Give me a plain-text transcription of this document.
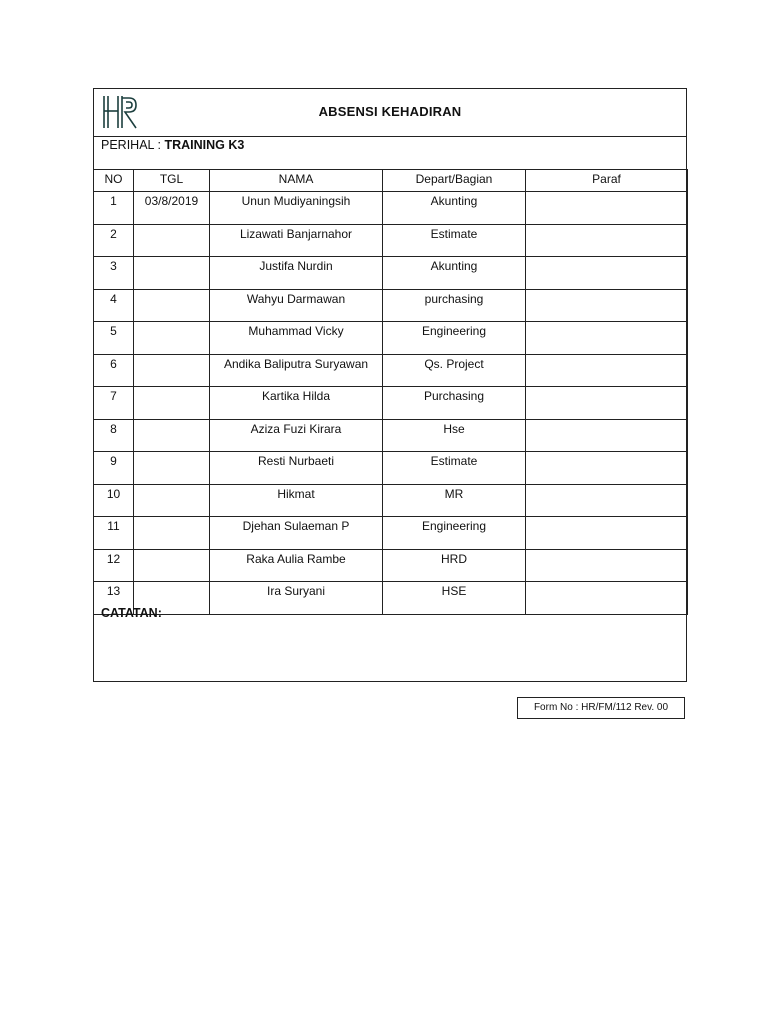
ABSENSI KEHADIRAN
PERIHAL : TRAINING K3
NO	TGL	NAMA	Depart/Bagian	Paraf
1	03/8/2019	Unun Mudiyaningsih	Akunting	
2		Lizawati Banjarnahor	Estimate	
3		Justifa Nurdin	Akunting	
4		Wahyu Darmawan	purchasing	
5		Muhammad Vicky	Engineering	
6		Andika Baliputra Suryawan	Qs. Project	
7		Kartika Hilda	Purchasing	
8		Aziza Fuzi Kirara	Hse	
9		Resti Nurbaeti	Estimate	
10		Hikmat	MR	
11		Djehan Sulaeman P	Engineering	
12		Raka Aulia Rambe	HRD	
13		Ira Suryani	HSE	
CATATAN:
Form No : HR/FM/112 Rev. 00
